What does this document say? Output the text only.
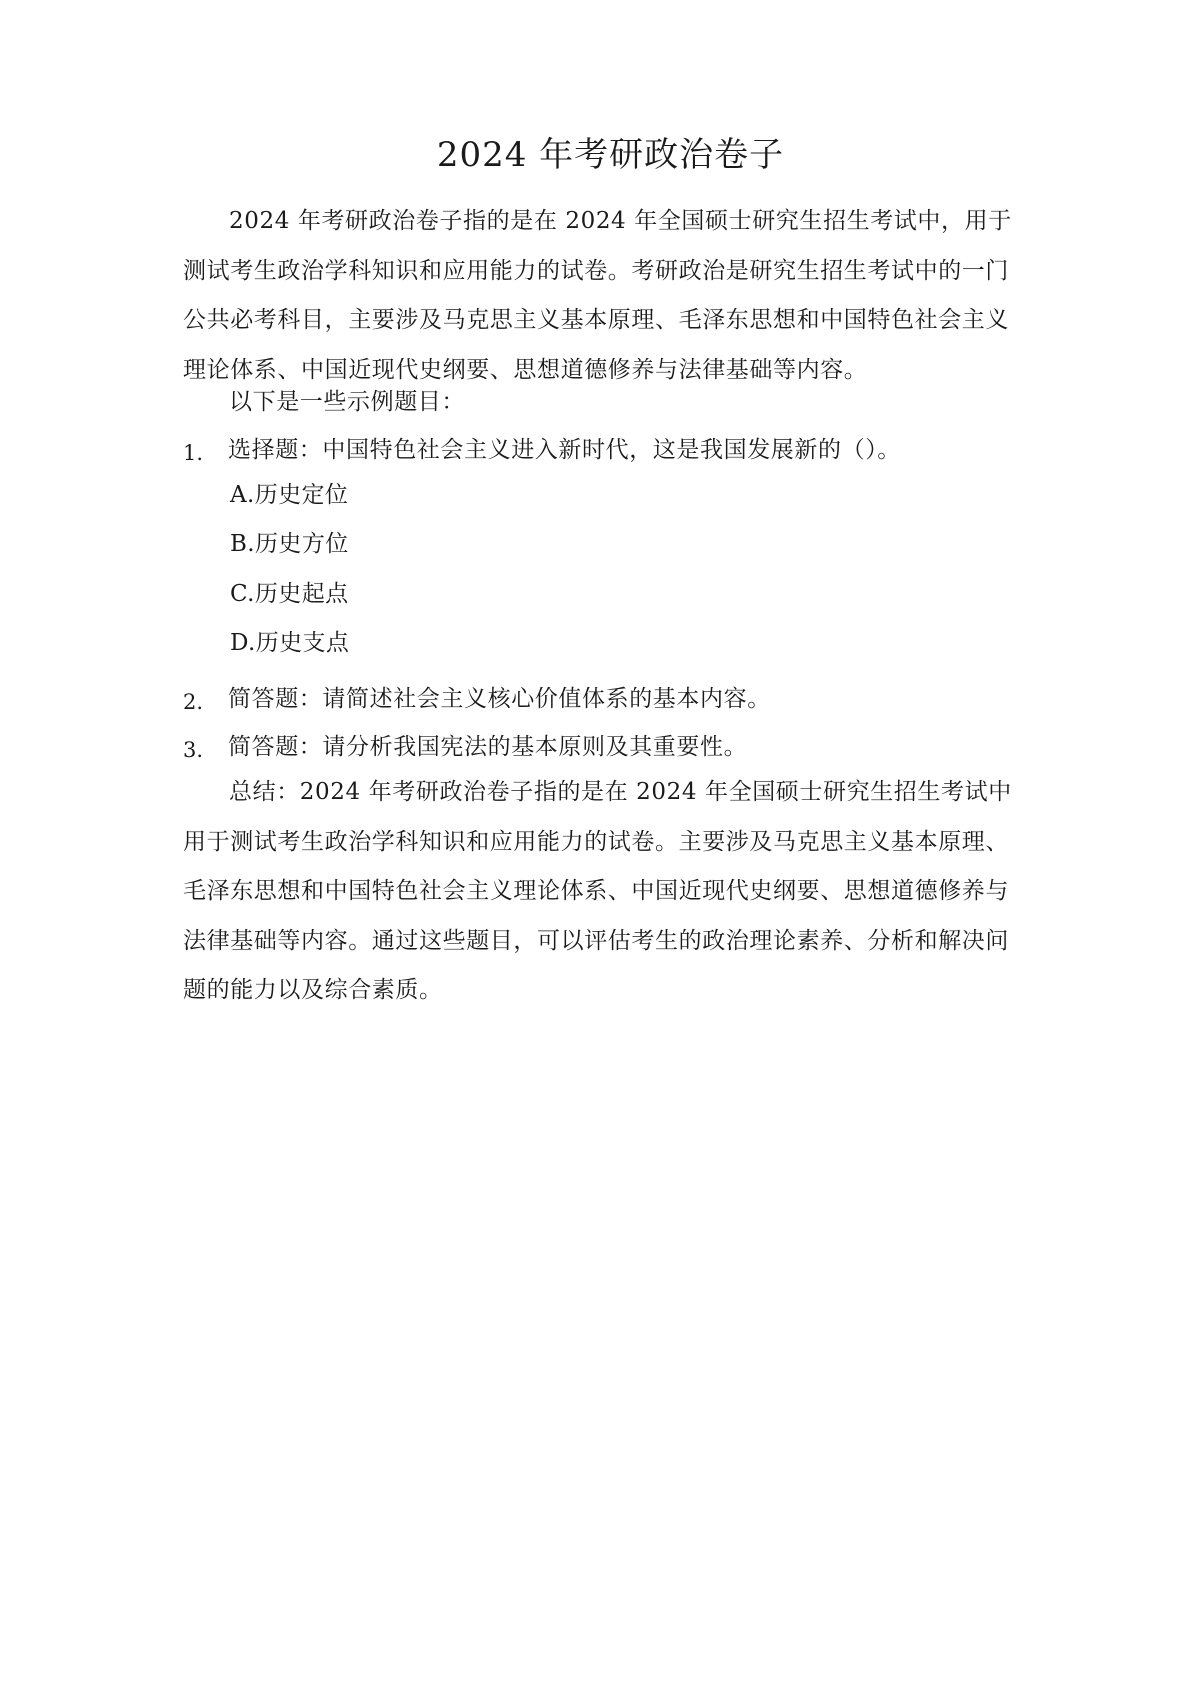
2024 年考研政治卷子
2024 年考研政治卷子指的是在 2024 年全国硕士研究生招生考试中，用于测试考生政治学科知识和应用能力的试卷。考研政治是研究生招生考试中的一门公共必考科目，主要涉及马克思主义基本原理、毛泽东思想和中国特色社会主义理论体系、中国近现代史纲要、思想道德修养与法律基础等内容。
以下是一些示例题目：
1. 选择题：中国特色社会主义进入新时代，这是我国发展新的（）。
A.历史定位
B.历史方位
C.历史起点
D.历史支点
2. 简答题：请简述社会主义核心价值体系的基本内容。
3. 简答题：请分析我国宪法的基本原则及其重要性。
总结：2024 年考研政治卷子指的是在 2024 年全国硕士研究生招生考试中用于测试考生政治学科知识和应用能力的试卷。主要涉及马克思主义基本原理、毛泽东思想和中国特色社会主义理论体系、中国近现代史纲要、思想道德修养与法律基础等内容。通过这些题目，可以评估考生的政治理论素养、分析和解决问题的能力以及综合素质。
